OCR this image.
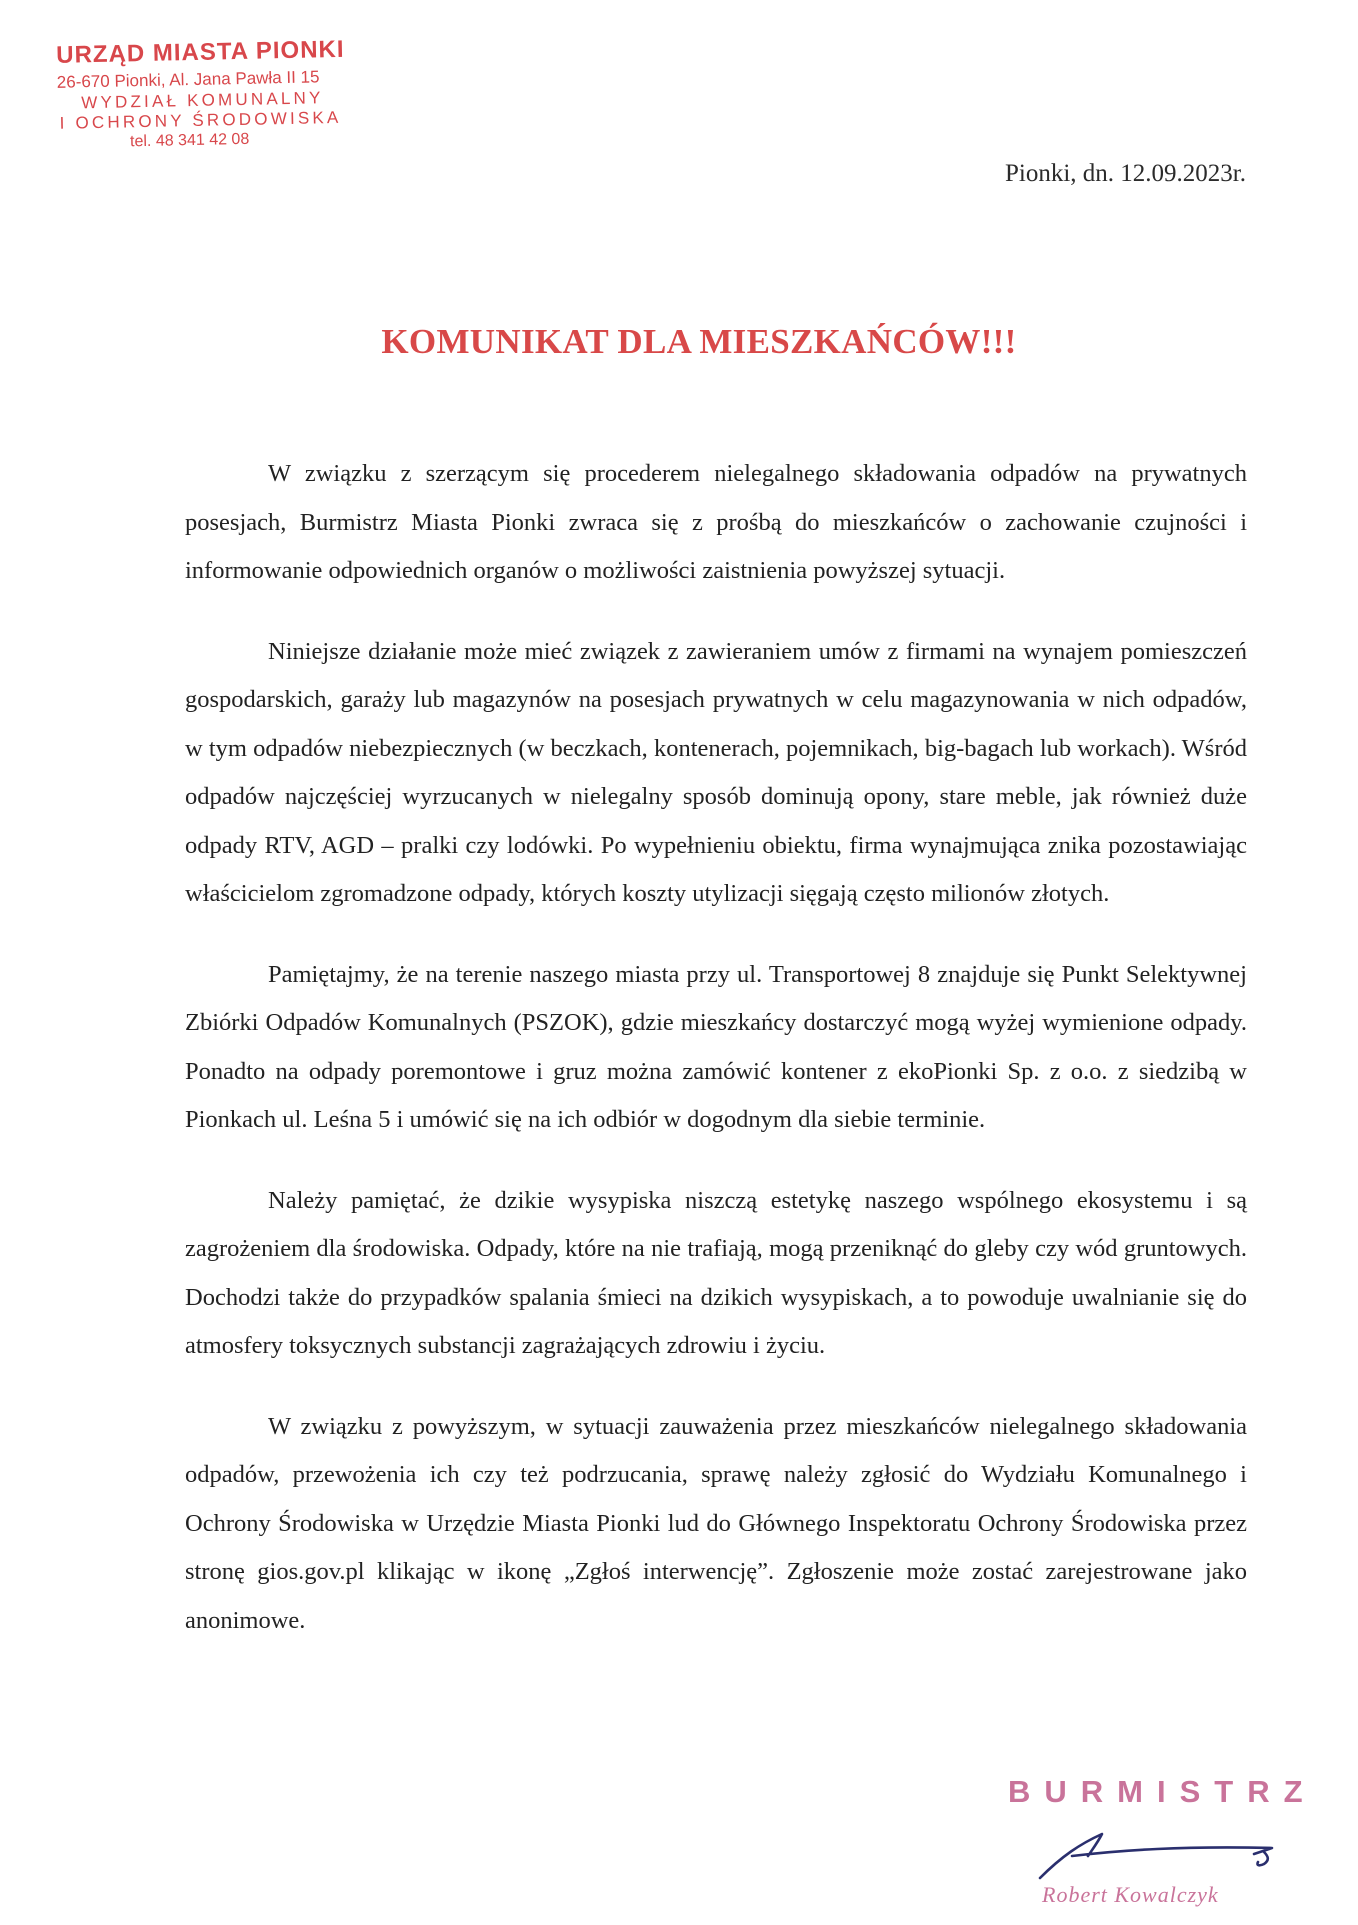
URZĄD MIASTA PIONKI
26-670 Pionki, Al. Jana Pawła II 15
WYDZIAŁ KOMUNALNY
I OCHRONY ŚRODOWISKA
tel. 48 341 42 08
Pionki, dn. 12.09.2023r.
KOMUNIKAT DLA MIESZKAŃCÓW!!!

W związku z szerzącym się procederem nielegalnego składowania odpadów na prywatnych posesjach, Burmistrz Miasta Pionki zwraca się z prośbą do mieszkańców o zachowanie czujności i informowanie odpowiednich organów o możliwości zaistnienia powyższej sytuacji.

Niniejsze działanie może mieć związek z zawieraniem umów z firmami na wynajem pomieszczeń gospodarskich, garaży lub magazynów na posesjach prywatnych w celu magazynowania w nich odpadów, w tym odpadów niebezpiecznych (w beczkach, kontenerach, pojemnikach, big-bagach lub workach). Wśród odpadów najczęściej wyrzucanych w nielegalny sposób dominują opony, stare meble, jak również duże odpady RTV, AGD – pralki czy lodówki. Po wypełnieniu obiektu, firma wynajmująca znika pozostawiając właścicielom zgromadzone odpady, których koszty utylizacji sięgają często milionów złotych.

Pamiętajmy, że na terenie naszego miasta przy ul. Transportowej 8 znajduje się Punkt Selektywnej Zbiórki Odpadów Komunalnych (PSZOK), gdzie mieszkańcy dostarczyć mogą wyżej wymienione odpady. Ponadto na odpady poremontowe i gruz można zamówić kontener z ekoPionki Sp. z o.o. z siedzibą w Pionkach ul. Leśna 5 i umówić się na ich odbiór w dogodnym dla siebie terminie.

Należy pamiętać, że dzikie wysypiska niszczą estetykę naszego wspólnego ekosystemu i są zagrożeniem dla środowiska. Odpady, które na nie trafiają, mogą przeniknąć do gleby czy wód gruntowych. Dochodzi także do przypadków spalania śmieci na dzikich wysypiskach, a to powoduje uwalnianie się do atmosfery toksycznych substancji zagrażających zdrowiu i życiu.

W związku z powyższym, w sytuacji zauważenia przez mieszkańców nielegalnego składowania odpadów, przewożenia ich czy też podrzucania, sprawę należy zgłosić do Wydziału Komunalnego i Ochrony Środowiska w Urzędzie Miasta Pionki lud do Głównego Inspektoratu Ochrony Środowiska przez stronę gios.gov.pl klikając w ikonę „Zgłoś interwencję”. Zgłoszenie może zostać zarejestrowane jako anonimowe.

BURMISTRZ
Robert Kowalczyk
